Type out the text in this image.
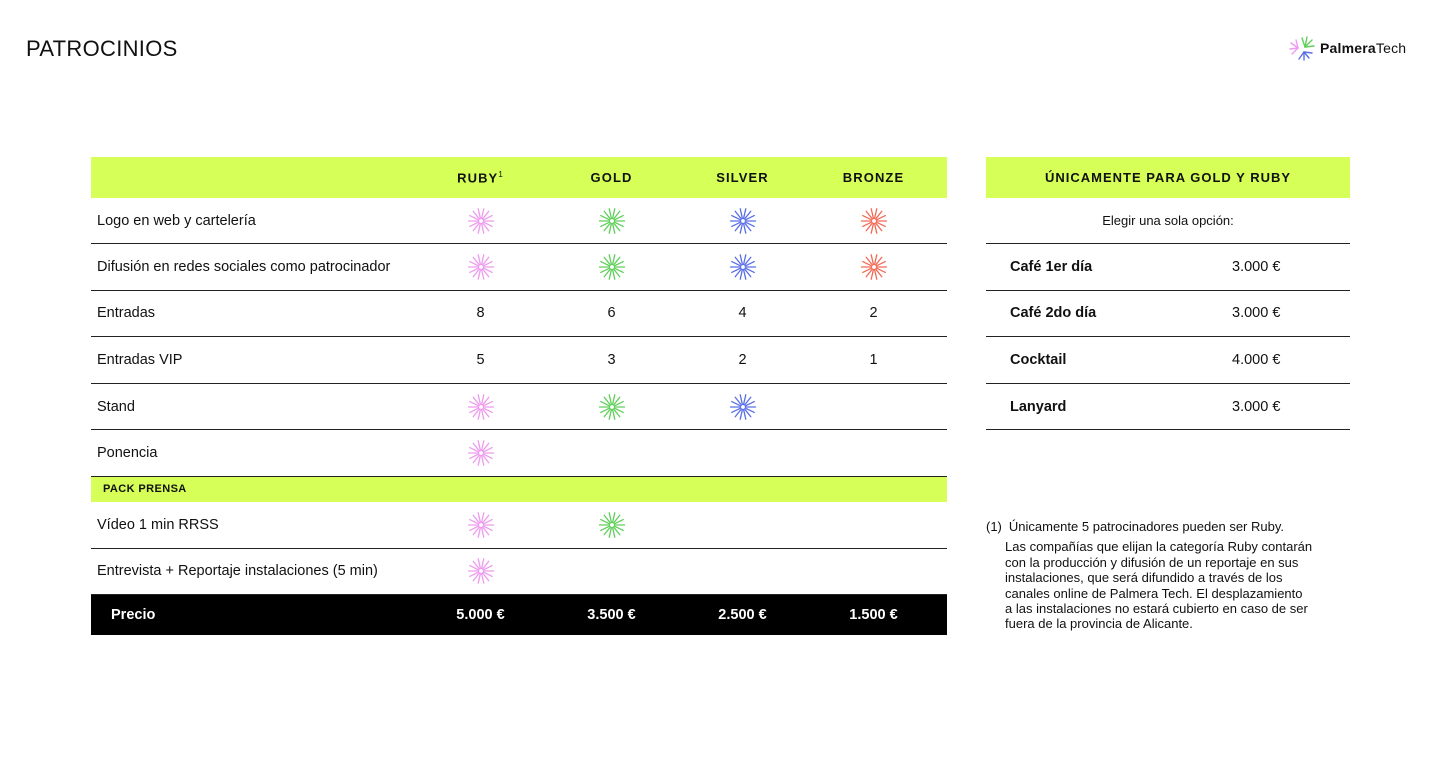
PATROCINIOS	PalmeraTech
RUBY$^1$	GOLD	SILVER	BRONZE
Logo en web y cartelería
Difusión en redes sociales como patrocinador
Entradas	8	6	4	2
Entradas VIP	5	3	2	1
Stand
Ponencia
PACK PRENSA
Vídeo 1 min RRSS
Entrevista + Reportaje instalaciones (5 min)
Precio	5.000 €	3.500 €	2.500 €	1.500 €
ÚNICAMENTE PARA GOLD Y RUBY
Elegir una sola opción:
Café 1er día	3.000 €
Café 2do día	3.000 €
Cocktail	4.000 €
Lanyard	3.000 €
(1) Únicamente 5 patrocinadores pueden ser Ruby.
Las compañías que elijan la categoría Ruby contarán
con la producción y difusión de un reportaje en sus
instalaciones, que será difundido a través de los
canales online de Palmera Tech. El desplazamiento
a las instalaciones no estará cubierto en caso de ser
fuera de la provincia de Alicante.
